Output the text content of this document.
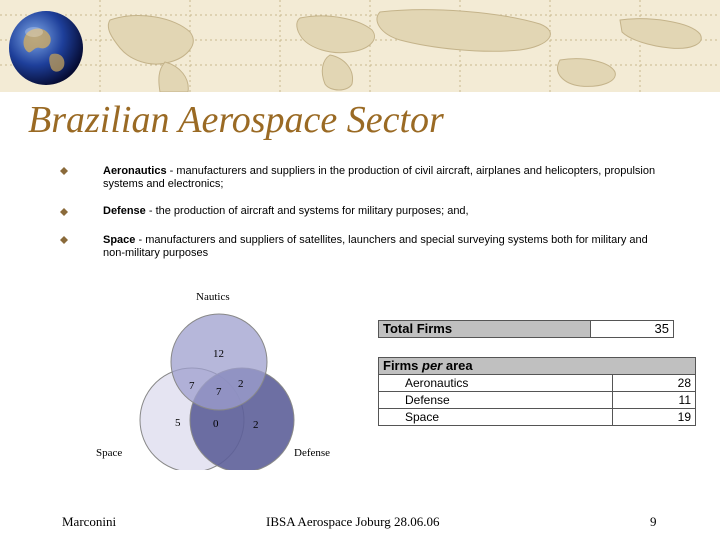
Brazilian Aerospace Sector
Aeronautics - manufacturers and suppliers in the production of civil aircraft, airplanes and helicopters, propulsion systems and electronics;
Defense - the production of aircraft and systems for military purposes; and,
Space - manufacturers and suppliers of satellites, launchers and special surveying systems both for military and non-military purposes
Nautics
Space	Defense
12
7 7
2
5	0	2
Total Firms	35
Firms per area	
Aeronautics	28
Defense	11
Space	19
Marconini	IBSA Aerospace Joburg 28.06.06	9
